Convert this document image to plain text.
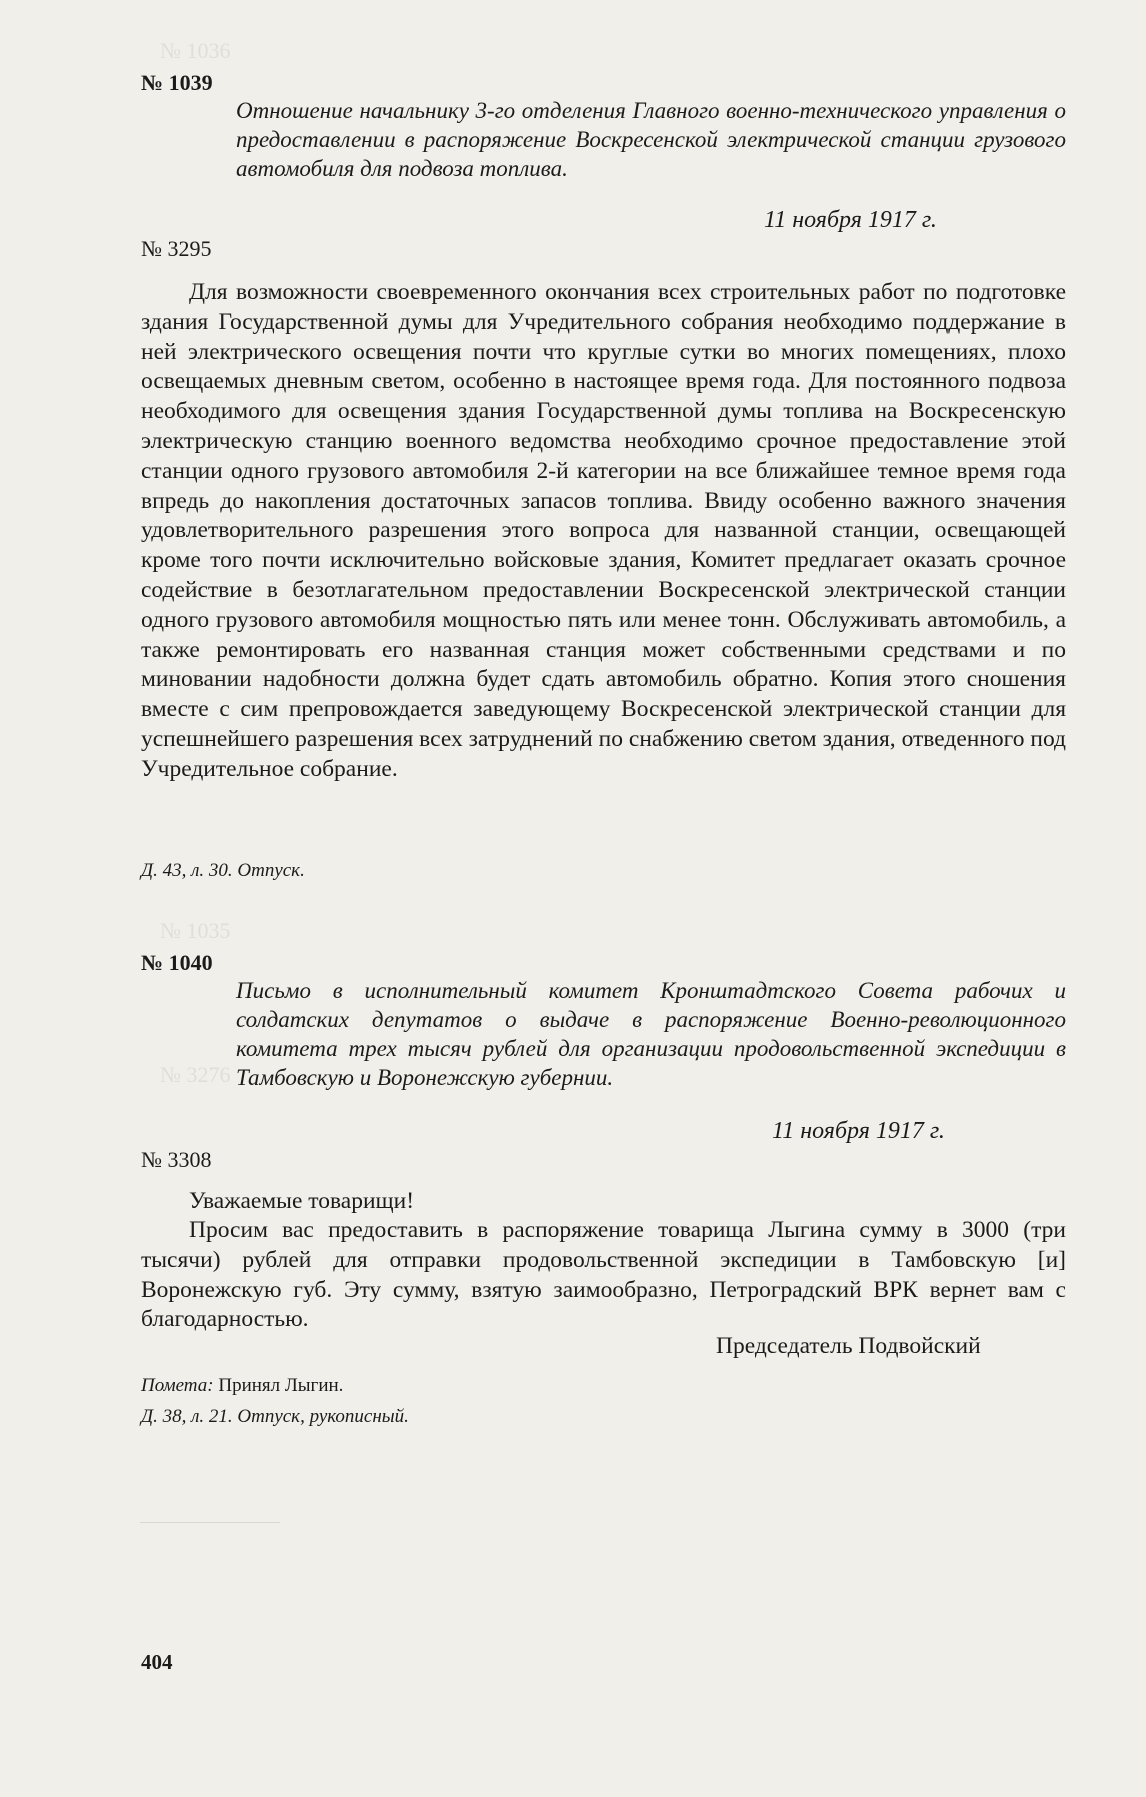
№ 1036
№ 1035
№ 3276
№ 1039

Отношение начальнику 3-го отделения Главного военно-технического управления о предоставлении в распоряжение Воскресенской электрической станции грузового автомобиля для подвоза топлива.

11 ноября 1917 г.
№ 3295

Для возможности своевременного окончания всех строительных работ по подготовке здания Государственной думы для Учредительного собрания необходимо поддержание в ней электрического освещения почти что круглые сутки во многих помещениях, плохо освещаемых дневным светом, особенно в настоящее время года. Для постоянного подвоза необходимого для освещения здания Государственной думы топлива на Воскресенскую электрическую станцию военного ведомства необходимо срочное предоставление этой станции одного грузового автомобиля 2-й категории на все ближайшее темное время года впредь до накопления достаточных запасов топлива. Ввиду особенно важного значения удовлетворительного разрешения этого вопроса для названной станции, освещающей кроме того почти исключительно войсковые здания, Комитет предлагает оказать срочное содействие в безотлагательном предоставлении Воскресенской электрической станции одного грузового автомобиля мощностью пять или менее тонн. Обслуживать автомобиль, а также ремонтировать его названная станция может собственными средствами и по миновании надобности должна будет сдать автомобиль обратно. Копия этого сношения вместе с сим препровождается заведующему Воскресенской электрической станции для успешнейшего разрешения всех затруднений по снабжению светом здания, отведенного под Учредительное собрание.

Д. 43, л. 30. Отпуск.
№ 1040

Письмо в исполнительный комитет Кронштадтского Совета рабочих и солдатских депутатов о выдаче в распоряжение Военно-революционного комитета трех тысяч рублей для организации продовольственной экспедиции в Тамбовскую и Воронежскую губернии.

11 ноября 1917 г.
№ 3308
Уважаемые товарищи!

Просим вас предоставить в распоряжение товарища Лыгина сумму в 3000 (три тысячи) рублей для отправки продовольственной экспедиции в Тамбовскую [и] Воронежскую губ. Эту сумму, взятую заимообразно, Петроградский ВРК вернет вам с благодарностью.

Председатель Подвойский
Помета: Принял Лыгин.
Д. 38, л. 21. Отпуск, рукописный.
404
